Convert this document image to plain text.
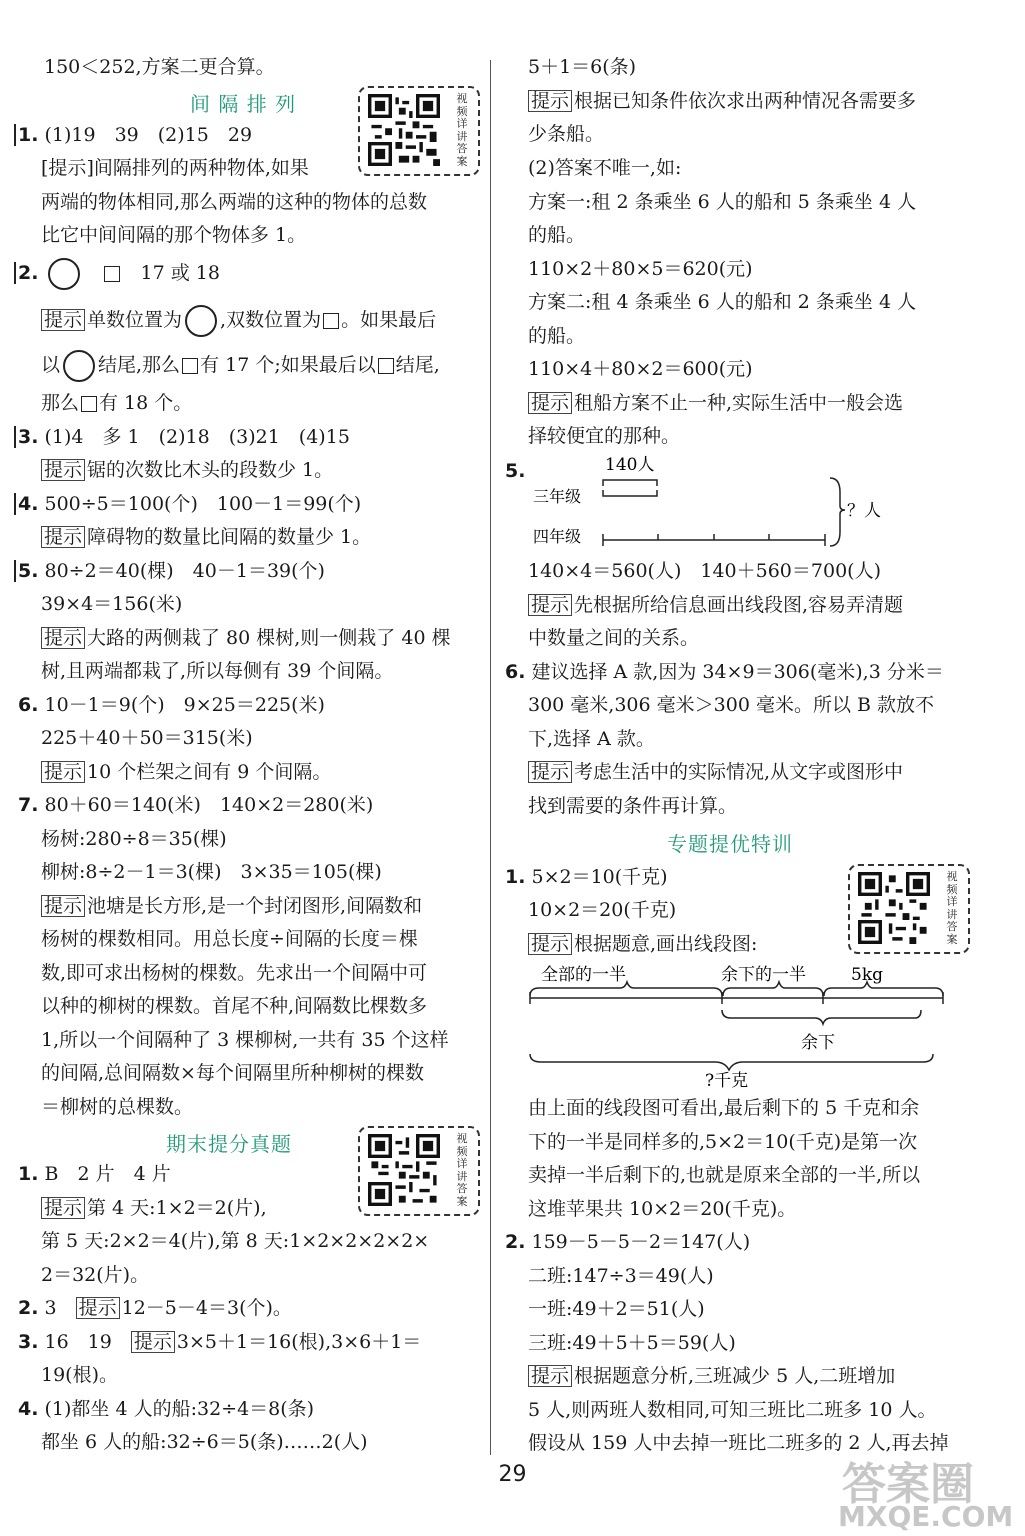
150＜252,方案二更合算。
间 隔 排 列	视频详讲答案
1. (1)19　39　(2)15　29
[提示]间隔排列的两种物体,如果
两端的物体相同,那么两端的这种的物体的总数
比它中间间隔的那个物体多 1。
2. 　　	17 或 18
提示 单数位置为 ,双数位置为 。如果最后
以 结尾,那么 有 17 个;如果最后以 结尾,
那么 有 18 个。
3. (1)4　多 1　(2)18　(3)21　(4)15
提示 锯的次数比木头的段数少 1。
4. 500÷5＝100(个)　100－1＝99(个)
提示 障碍物的数量比间隔的数量少 1。
5. 80÷2＝40(棵)　40－1＝39(个)
39×4＝156(米)
提示 大路的两侧栽了 80 棵树,则一侧栽了 40 棵
树,且两端都栽了,所以每侧有 39 个间隔。
6. 10－1＝9(个)　9×25＝225(米)
225＋40＋50＝315(米)
提示 10 个栏架之间有 9 个间隔。
7. 80＋60＝140(米)　140×2＝280(米)
杨树:280÷8＝35(棵)
柳树:8÷2－1＝3(棵)　3×35＝105(棵)
提示 池塘是长方形,是一个封闭图形,间隔数和
杨树的棵数相同。用总长度÷间隔的长度＝棵
数,即可求出杨树的棵数。先求出一个间隔中可
以种的柳树的棵数。首尾不种,间隔数比棵数多
1,所以一个间隔种了 3 棵柳树,一共有 35 个这样
的间隔,总间隔数×每个间隔里所种柳树的棵数
＝柳树的总棵数。
期末提分真题	视频详讲答案
1. B　2 片　4 片
提示 第 4 天:1×2＝2(片),
第 5 天:2×2＝4(片),第 8 天:1×2×2×2×2×
2＝32(片)。
2. 3　 提示 12－5－4＝3(个)。
3. 16　19　 提示 3×5＋1＝16(根),3×6＋1＝
19(根)。
4. (1)都坐 4 人的船:32÷4＝8(条)
都坐 6 人的船:32÷6＝5(条)……2(人)
5＋1＝6(条)
提示 根据已知条件依次求出两种情况各需要多
少条船。
(2)答案不唯一,如:
方案一:租 2 条乘坐 6 人的船和 5 条乘坐 4 人
的船。
110×2＋80×5＝620(元)
方案二:租 4 条乘坐 6 人的船和 2 条乘坐 4 人
的船。
110×4＋80×2＝600(元)
提示 租船方案不止一种,实际生活中一般会选
择较便宜的那种。
5.	140人
三年级
四年级
？人
140×4＝560(人)　140＋560＝700(人)
提示 先根据所给信息画出线段图,容易弄清题
中数量之间的关系。
6. 建议选择 A 款,因为 34×9＝306(毫米),3 分米＝
300 毫米,306 毫米＞300 毫米。所以 B 款放不
下,选择 A 款。
提示 考虑生活中的实际情况,从文字或图形中
找到需要的条件再计算。
专题提优特训
视频详讲答案
1. 5×2＝10(千克)
10×2＝20(千克)
提示 根据题意,画出线段图:
全部的一半	余下的一半	5kg
余下
?千克
由上面的线段图可看出,最后剩下的 5 千克和余
下的一半是同样多的,5×2＝10(千克)是第一次
卖掉一半后剩下的,也就是原来全部的一半,所以
这堆苹果共 10×2＝20(千克)。
2. 159－5－5－2＝147(人)
二班:147÷3＝49(人)
一班:49＋2＝51(人)
三班:49＋5＋5＝59(人)
提示 根据题意分析,三班减少 5 人,二班增加
5 人,则两班人数相同,可知三班比二班多 10 人。
假设从 159 人中去掉一班比二班多的 2 人,再去掉
29	答案圈
MXQE.COM
